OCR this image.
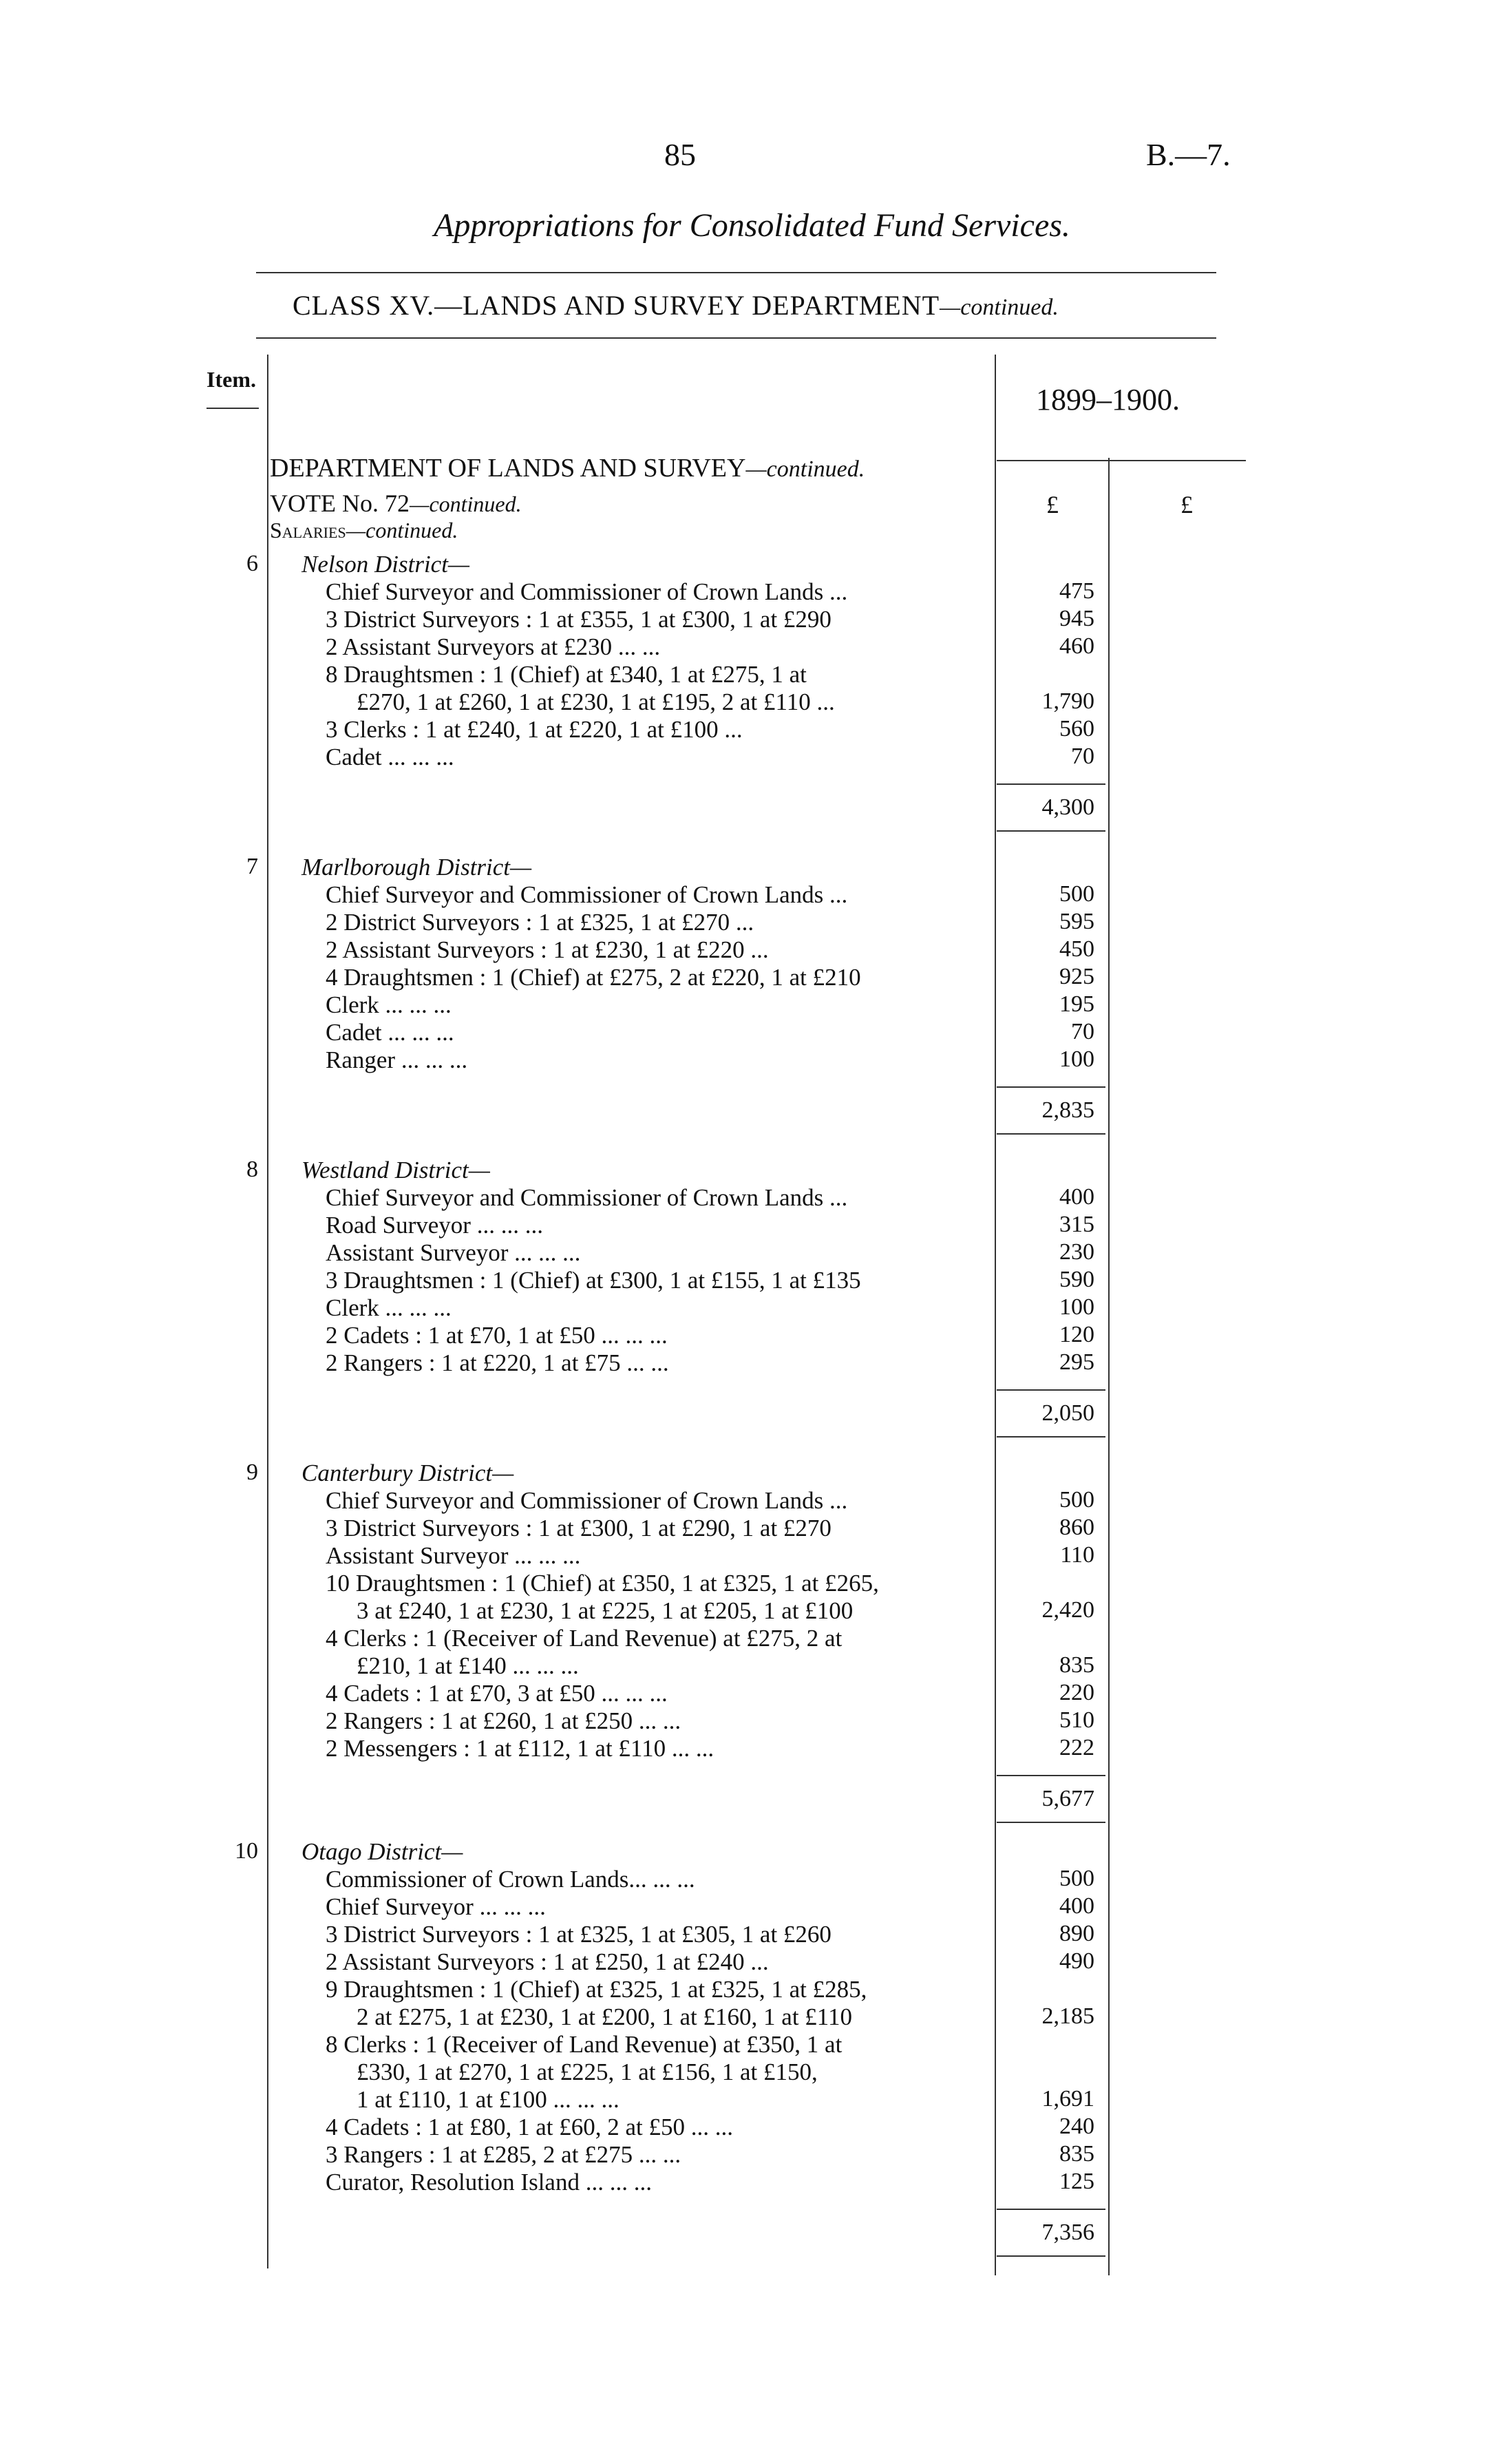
85	B.—7.
Appropriations for Consolidated Fund Services.
CLASS XV.—LANDS AND SURVEY DEPARTMENT—continued.
Item.
1899–1900.
£	£
DEPARTMENT OF LANDS AND SURVEY—continued.
VOTE No. 72—continued.
Salaries—continued.
6 Nelson District—
Chief Surveyor and Commissioner of Crown Lands ...	475
3 District Surveyors : 1 at £355, 1 at £300, 1 at £290	945
2 Assistant Surveyors at £230 ... ...	460
8 Draughtsmen : 1 (Chief) at £340, 1 at £275, 1 at
£270, 1 at £260, 1 at £230, 1 at £195, 2 at £110 ...	1,790
3 Clerks : 1 at £240, 1 at £220, 1 at £100 ...	560
Cadet ... ... ...	70
4,300
7 Marlborough District—
Chief Surveyor and Commissioner of Crown Lands ...	500
2 District Surveyors : 1 at £325, 1 at £270 ...	595
2 Assistant Surveyors : 1 at £230, 1 at £220 ...	450
4 Draughtsmen : 1 (Chief) at £275, 2 at £220, 1 at £210	925
Clerk ... ... ...	195
Cadet ... ... ...	70
Ranger ... ... ...	100
2,835
8 Westland District—
Chief Surveyor and Commissioner of Crown Lands ...	400
Road Surveyor ... ... ...	315
Assistant Surveyor ... ... ...	230
3 Draughtsmen : 1 (Chief) at £300, 1 at £155, 1 at £135	590
Clerk ... ... ...	100
2 Cadets : 1 at £70, 1 at £50 ... ... ...	120
2 Rangers : 1 at £220, 1 at £75 ... ...	295
2,050
9 Canterbury District—
Chief Surveyor and Commissioner of Crown Lands ...	500
3 District Surveyors : 1 at £300, 1 at £290, 1 at £270	860
Assistant Surveyor ... ... ...	110
10 Draughtsmen : 1 (Chief) at £350, 1 at £325, 1 at £265,
3 at £240, 1 at £230, 1 at £225, 1 at £205, 1 at £100	2,420
4 Clerks : 1 (Receiver of Land Revenue) at £275, 2 at
£210, 1 at £140 ... ... ...	835
4 Cadets : 1 at £70, 3 at £50 ... ... ...	220
2 Rangers : 1 at £260, 1 at £250 ... ...	510
2 Messengers : 1 at £112, 1 at £110 ... ...	222
5,677
10 Otago District—
Commissioner of Crown Lands... ... ...	500
Chief Surveyor ... ... ...	400
3 District Surveyors : 1 at £325, 1 at £305, 1 at £260	890
2 Assistant Surveyors : 1 at £250, 1 at £240 ...	490
9 Draughtsmen : 1 (Chief) at £325, 1 at £325, 1 at £285,
2 at £275, 1 at £230, 1 at £200, 1 at £160, 1 at £110	2,185
8 Clerks : 1 (Receiver of Land Revenue) at £350, 1 at
£330, 1 at £270, 1 at £225, 1 at £156, 1 at £150,
1 at £110, 1 at £100 ... ... ...	1,691
4 Cadets : 1 at £80, 1 at £60, 2 at £50 ... ...	240
3 Rangers : 1 at £285, 2 at £275 ... ...	835
Curator, Resolution Island ... ... ...	125
7,356
